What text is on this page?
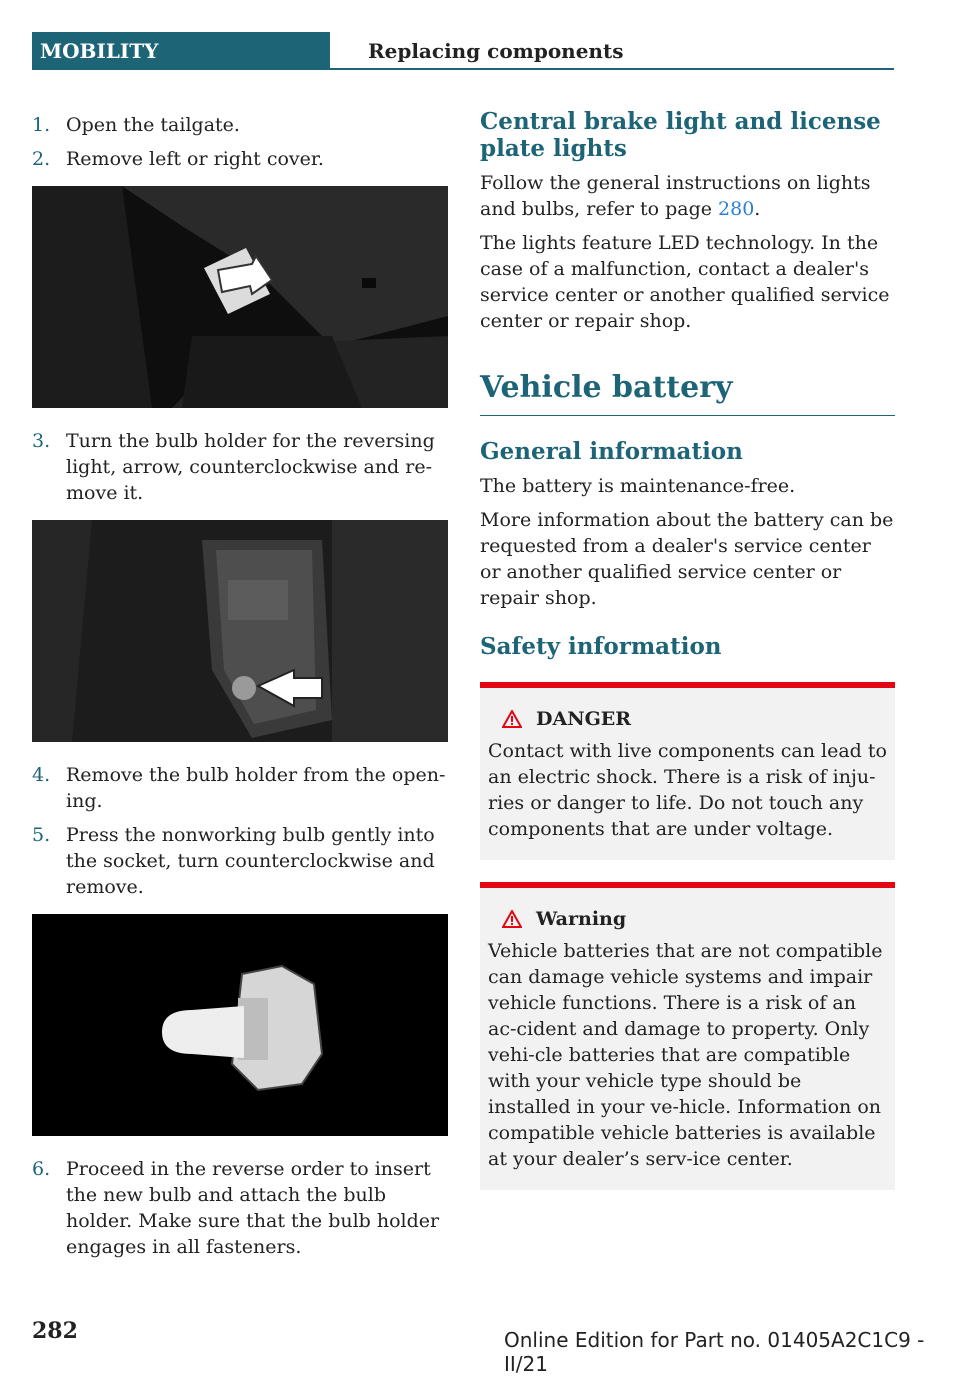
MOBILITY	Replacing components
1. Open the tailgate.
2. Remove left or right cover.
3. Turn the bulb holder for the reversing light, arrow, counterclockwise and re‐move it.
4. Remove the bulb holder from the open‐ing.
5. Press the nonworking bulb gently into the socket, turn counterclockwise and remove.
6. Proceed in the reverse order to insert the new bulb and attach the bulb holder. Make sure that the bulb holder engages in all fasteners.
Central brake light and license plate lights

Follow the general instructions on lights and bulbs, refer to page 280.

The lights feature LED technology. In the case of a malfunction, contact a dealer's service center or another qualified service center or repair shop.

Vehicle battery
General information

The battery is maintenance-free.

More information about the battery can be requested from a dealer's service center or another qualified service center or repair shop.

Safety information
DANGER

Contact with live components can lead to an electric shock. There is a risk of inju‐ries or danger to life. Do not touch any components that are under voltage.

Warning

Vehicle batteries that are not compatible can damage vehicle systems and impair vehicle functions. There is a risk of an ac‐cident and damage to property. Only vehi‐cle batteries that are compatible with your vehicle type should be installed in your ve‐hicle. Information on compatible vehicle batteries is available at your dealer’s serv‐ice center.

282	Online Edition for Part no. 01405A2C1C9 - II/21
